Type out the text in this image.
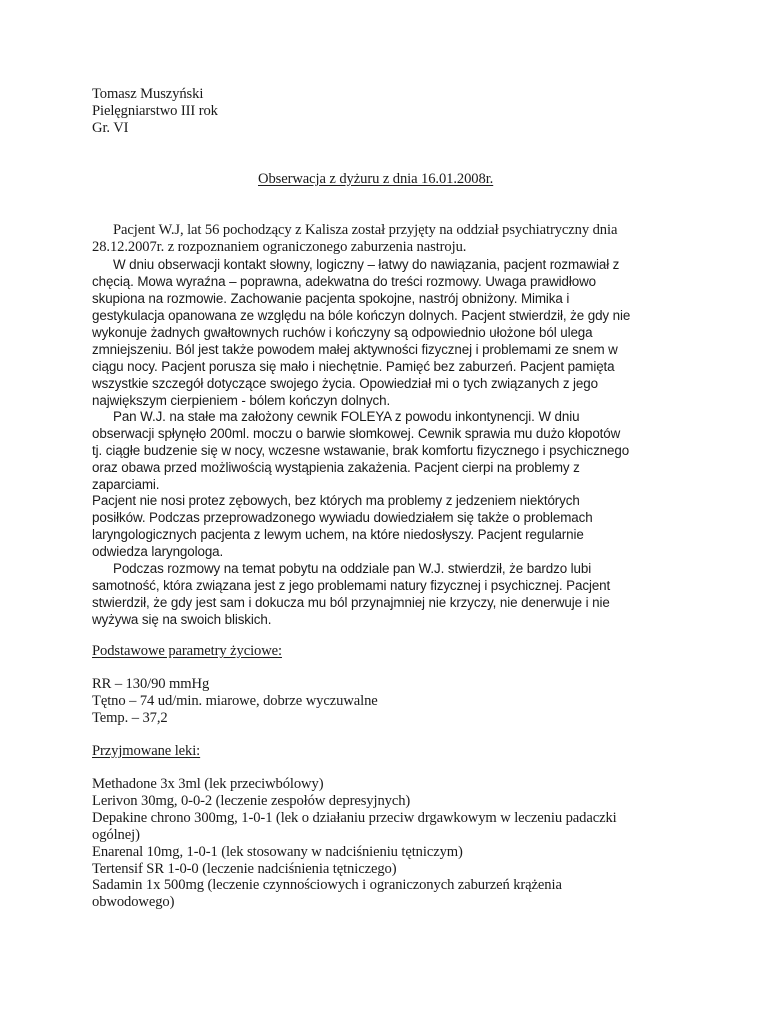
Tomasz Muszyński

Pielęgniarstwo III rok

Gr. VI

Obserwacja z dyżuru z dnia 16.01.2008r.

Pacjent W.J, lat 56 pochodzący z Kalisza został przyjęty na oddział psychiatryczny dnia

28.12.2007r. z rozpoznaniem ograniczonego zaburzenia nastroju.

W dniu obserwacji kontakt słowny, logiczny – łatwy do nawiązania, pacjent rozmawiał z

chęcią. Mowa wyraźna – poprawna, adekwatna do treści rozmowy. Uwaga prawidłowo

skupiona na rozmowie. Zachowanie pacjenta spokojne, nastrój obniżony. Mimika i

gestykulacja opanowana ze względu na bóle kończyn dolnych. Pacjent stwierdził, że gdy nie

wykonuje żadnych gwałtownych ruchów i kończyny są odpowiednio ułożone ból ulega

zmniejszeniu. Ból jest także powodem małej aktywności fizycznej i problemami ze snem w

ciągu nocy. Pacjent porusza się mało i niechętnie. Pamięć bez zaburzeń. Pacjent pamięta

wszystkie szczegół dotyczące swojego życia. Opowiedział mi o tych związanych z jego

największym cierpieniem - bólem kończyn dolnych.

Pan W.J. na stałe ma założony cewnik FOLEYA z powodu inkontynencji. W dniu

obserwacji spłynęło 200ml. moczu o barwie słomkowej. Cewnik sprawia mu dużo kłopotów

tj. ciągłe budzenie się w nocy, wczesne wstawanie, brak komfortu fizycznego i psychicznego

oraz obawa przed możliwością wystąpienia zakażenia. Pacjent cierpi na problemy z

zaparciami.

Pacjent nie nosi protez zębowych, bez których ma problemy z jedzeniem niektórych

posiłków. Podczas przeprowadzonego wywiadu dowiedziałem się także o problemach

laryngologicznych pacjenta z lewym uchem, na które niedosłyszy. Pacjent regularnie

odwiedza laryngologa.

Podczas rozmowy na temat pobytu na oddziale pan W.J. stwierdził, że bardzo lubi

samotność, która związana jest z jego problemami natury fizycznej i psychicznej. Pacjent

stwierdził, że gdy jest sam i dokucza mu ból przynajmniej nie krzyczy, nie denerwuje i nie

wyżywa się na swoich bliskich.

Podstawowe parametry życiowe:

RR – 130/90 mmHg

Tętno – 74 ud/min. miarowe, dobrze wyczuwalne

Temp. – 37,2

Przyjmowane leki:

Methadone 3x 3ml (lek przeciwbólowy)

Lerivon 30mg, 0-0-2 (leczenie zespołów depresyjnych)

Depakine chrono 300mg, 1-0-1 (lek o działaniu przeciw drgawkowym w leczeniu padaczki

ogólnej)

Enarenal 10mg, 1-0-1 (lek stosowany w nadciśnieniu tętniczym)

Tertensif SR 1-0-0 (leczenie nadciśnienia tętniczego)

Sadamin 1x 500mg (leczenie czynnościowych i ograniczonych zaburzeń krążenia

obwodowego)
